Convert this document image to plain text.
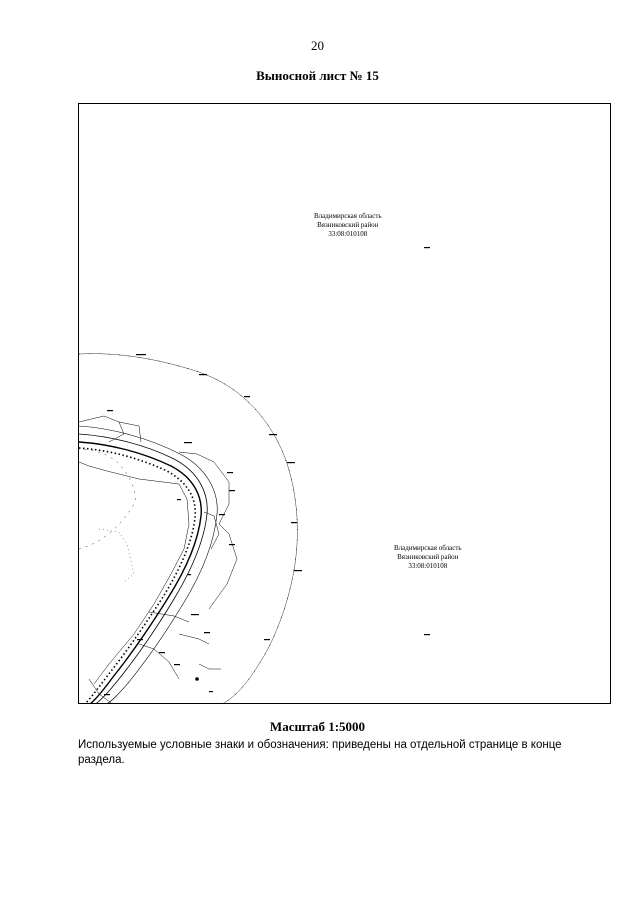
20
Выносной лист № 15
Владимирская область
Вязниковский район
33:08:010108
Владимирская область
Вязниковский район
33:08:010108
Масштаб 1:5000
Используемые условные знаки и обозначения: приведены на отдельной странице в конце раздела.
